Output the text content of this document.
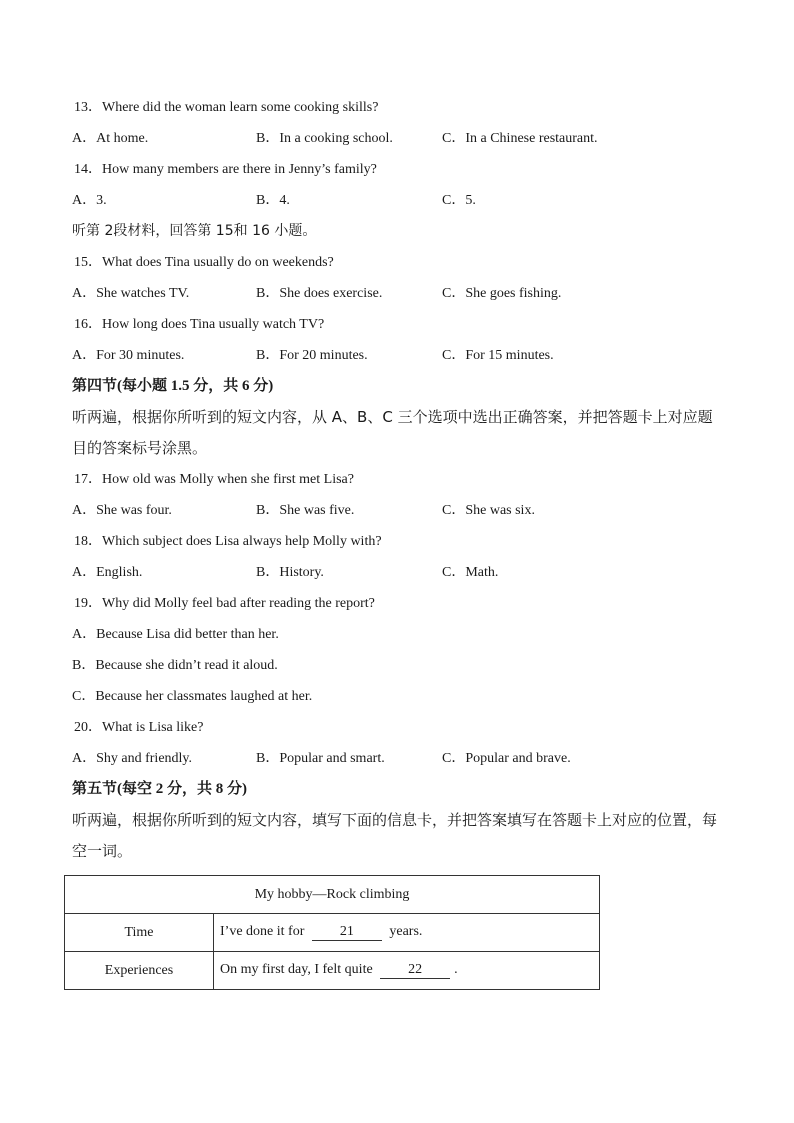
13．Where did the woman learn some cooking skills?
A．At home.	B．In a cooking school.	C．In a Chinese restaurant.
14．How many members are there in Jenny’s family?
A．3.	B．4.	C．5.
听第 2段材料，回答第 15和 16 小题。
15．What does Tina usually do on weekends?
A．She watches TV.	B．She does exercise.	C．She goes fishing.
16．How long does Tina usually watch TV?
A．For 30 minutes.	B．For 20 minutes.	C．For 15 minutes.
第四节(每小题 1.5 分，共 6 分)
听两遍，根据你所听到的短文内容，从 A、B、C 三个选项中选出正确答案，并把答题卡上对应题目的答案标号涂黑。
17．How old was Molly when she first met Lisa?
A．She was four.	B．She was five.	C．She was six.
18．Which subject does Lisa always help Molly with?
A．English.	B．History.	C．Math.
19．Why did Molly feel bad after reading the report?
A．Because Lisa did better than her.
B．Because she didn’t read it aloud.
C．Because her classmates laughed at her.
20．What is Lisa like?
A．Shy and friendly.	B．Popular and smart.	C．Popular and brave.
第五节(每空 2 分，共 8 分)
听两遍，根据你所听到的短文内容，填写下面的信息卡，并把答案填写在答题卡上对应的位置，每空一词。
My hobby—Rock climbing	
Time	I’ve done it for 21 years.
Experiences	On my first day, I felt quite 22 .
